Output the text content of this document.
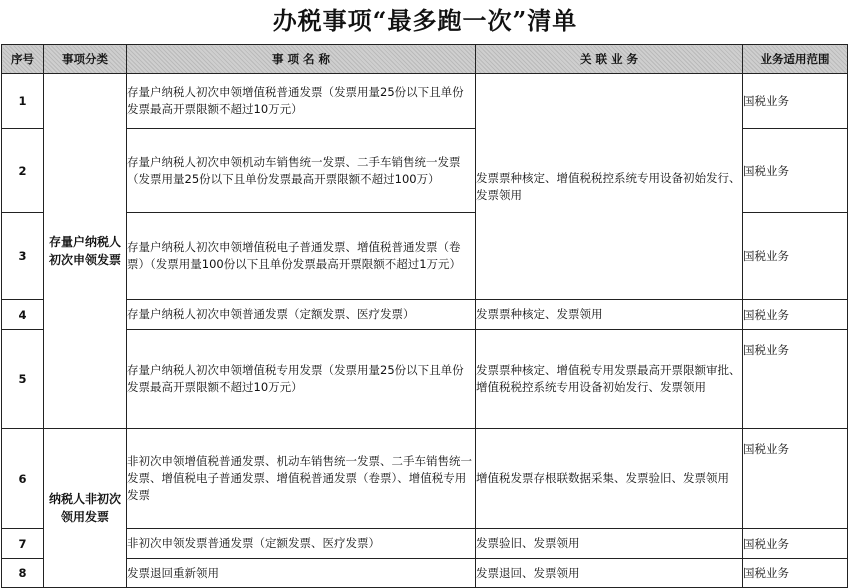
办税事项“最多跑一次”清单
序号	事项分类	事 项 名 称	关 联 业 务	业务适用范围
1	存量户纳税人初次申领发票	存量户纳税人初次申领增值税普通发票（发票用量25份以下且单份发票最高开票限额不超过10万元）	发票票种核定、增值税税控系统专用设备初始发行、发票领用	国税业务
2		存量户纳税人初次申领机动车销售统一发票、二手车销售统一发票（发票用量25份以下且单份发票最高开票限额不超过100万）		国税业务
3		存量户纳税人初次申领增值税电子普通发票、增值税普通发票（卷票）（发票用量100份以下且单份发票最高开票限额不超过1万元）		国税业务
4		存量户纳税人初次申领普通发票（定额发票、医疗发票）	发票票种核定、发票领用	国税业务
5		存量户纳税人初次申领增值税专用发票（发票用量25份以下且单份发票最高开票限额不超过10万元）	发票票种核定、增值税专用发票最高开票限额审批、增值税税控系统专用设备初始发行、发票领用	国税业务
6	纳税人非初次领用发票	非初次申领增值税普通发票、机动车销售统一发票、二手车销售统一发票、增值税电子普通发票、增值税普通发票（卷票）、增值税专用发票	增值税发票存根联数据采集、发票验旧、发票领用	国税业务
7		非初次申领发票普通发票（定额发票、医疗发票）	发票验旧、发票领用	国税业务
8		发票退回重新领用	发票退回、发票领用	国税业务
